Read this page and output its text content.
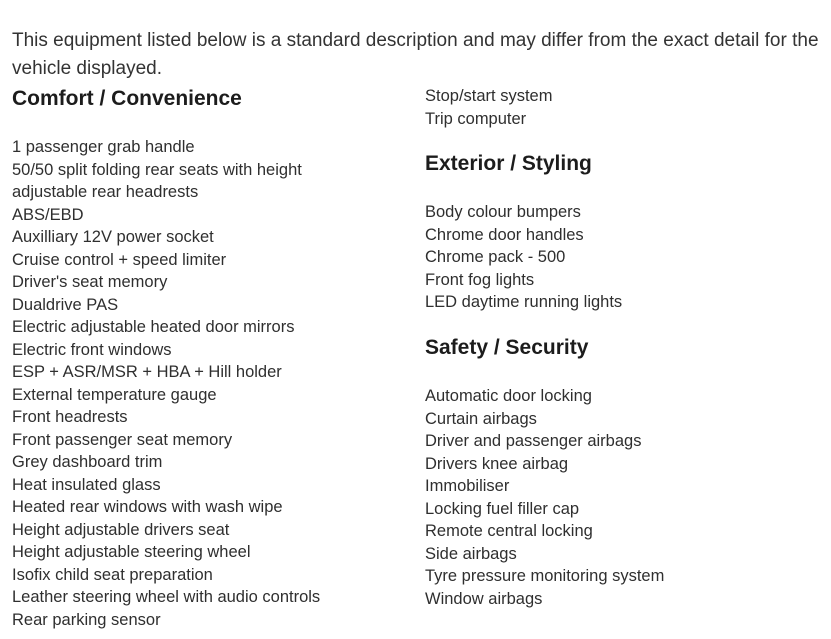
This equipment listed below is a standard description and may differ from the exact detail for the vehicle displayed.

Comfort / Convenience
1 passenger grab handle
50/50 split folding rear seats with height adjustable rear headrests
ABS/EBD
Auxilliary 12V power socket
Cruise control + speed limiter
Driver's seat memory
Dualdrive PAS
Electric adjustable heated door mirrors
Electric front windows
ESP + ASR/MSR + HBA + Hill holder
External temperature gauge
Front headrests
Front passenger seat memory
Grey dashboard trim
Heat insulated glass
Heated rear windows with wash wipe
Height adjustable drivers seat
Height adjustable steering wheel
Isofix child seat preparation
Leather steering wheel with audio controls
Rear parking sensor
Stop/start system
Trip computer
Exterior / Styling
Body colour bumpers
Chrome door handles
Chrome pack - 500
Front fog lights
LED daytime running lights
Safety / Security
Automatic door locking
Curtain airbags
Driver and passenger airbags
Drivers knee airbag
Immobiliser
Locking fuel filler cap
Remote central locking
Side airbags
Tyre pressure monitoring system
Window airbags
